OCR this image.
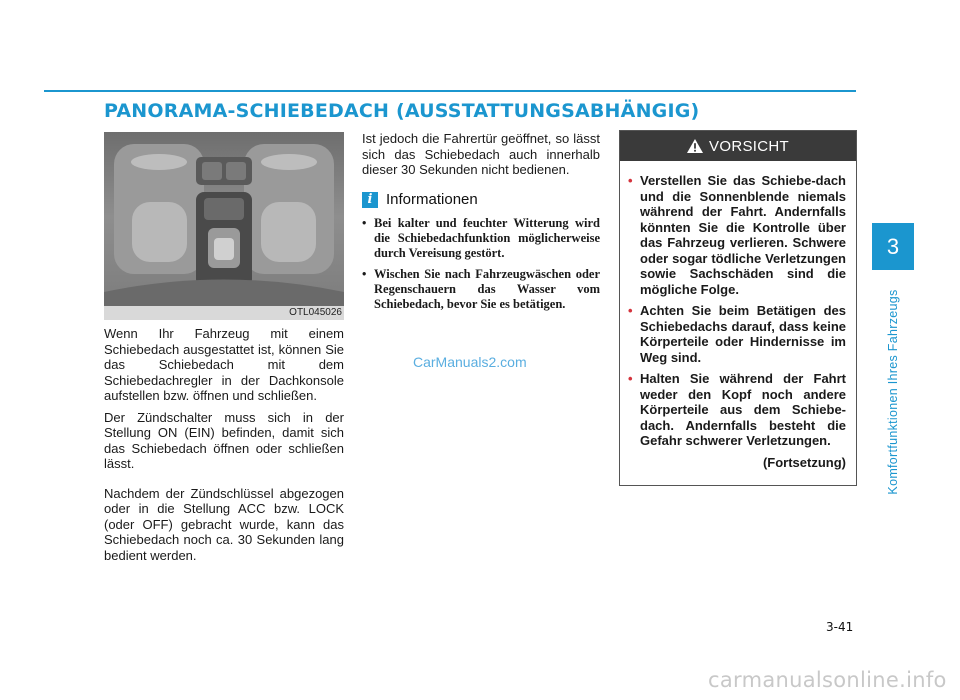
PANORAMA-SCHIEBEDACH (AUSSTATTUNGSABHÄNGIG)
3
Komfortfunktionen Ihres Fahrzeugs
OTL045026

Wenn Ihr Fahrzeug mit einem Schiebedach ausgestattet ist, können Sie das Schiebedach mit dem Schiebedachregler in der Dachkonsole aufstellen bzw. öffnen und schließen.

Der Zündschalter muss sich in der Stellung ON (EIN) befinden, damit sich das Schiebedach öffnen oder schließen lässt.

Nachdem der Zündschlüssel abgezogen oder in die Stellung ACC bzw. LOCK (oder OFF) gebracht wurde, kann das Schiebedach noch ca. 30 Sekunden lang bedient werden.

Ist jedoch die Fahrertür geöffnet, so lässt sich das Schiebedach auch innerhalb dieser 30 Sekunden nicht bedienen.

i Informationen
• Bei kalter und feuchter Witterung wird die Schiebedachfunktion möglicherweise durch Vereisung gestört.
• Wischen Sie nach Fahrzeugwäschen oder Regenschauern das Wasser vom Schiebedach, bevor Sie es betätigen.
CarManuals2.com
VORSICHT
• Verstellen Sie das Schiebe-dach und die Sonnenblende niemals während der Fahrt. Andernfalls könnten Sie die Kontrolle über das Fahrzeug verlieren. Schwere oder sogar tödliche Verletzungen sowie Sachschäden sind die mögliche Folge.
• Achten Sie beim Betätigen des Schiebedachs darauf, dass keine Körperteile oder Hindernisse im Weg sind.
• Halten Sie während der Fahrt weder den Kopf noch andere Körperteile aus dem Schiebe-dach. Andernfalls besteht die Gefahr schwerer Verletzungen.
(Fortsetzung)
3-41
carmanualsonline.info
